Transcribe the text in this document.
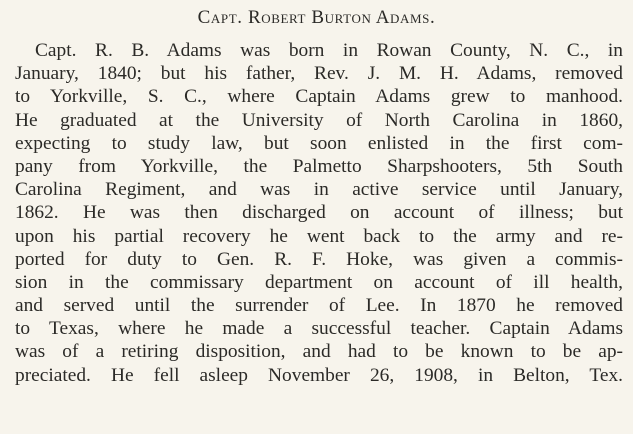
Capt. Robert Burton Adams.
Capt. R. B. Adams was born in Rowan County, N. C., in
January, 1840; but his father, Rev. J. M. H. Adams, removed
to Yorkville, S. C., where Captain Adams grew to manhood.
He graduated at the University of North Carolina in 1860,
expecting to study law, but soon enlisted in the first com-
pany from Yorkville, the Palmetto Sharpshooters, 5th South
Carolina Regiment, and was in active service until January,
1862. He was then discharged on account of illness; but
upon his partial recovery he went back to the army and re-
ported for duty to Gen. R. F. Hoke, was given a commis-
sion in the commissary department on account of ill health,
and served until the surrender of Lee. In 1870 he removed
to Texas, where he made a successful teacher. Captain Adams
was of a retiring disposition, and had to be known to be ap-
preciated. He fell asleep November 26, 1908, in Belton, Tex.
